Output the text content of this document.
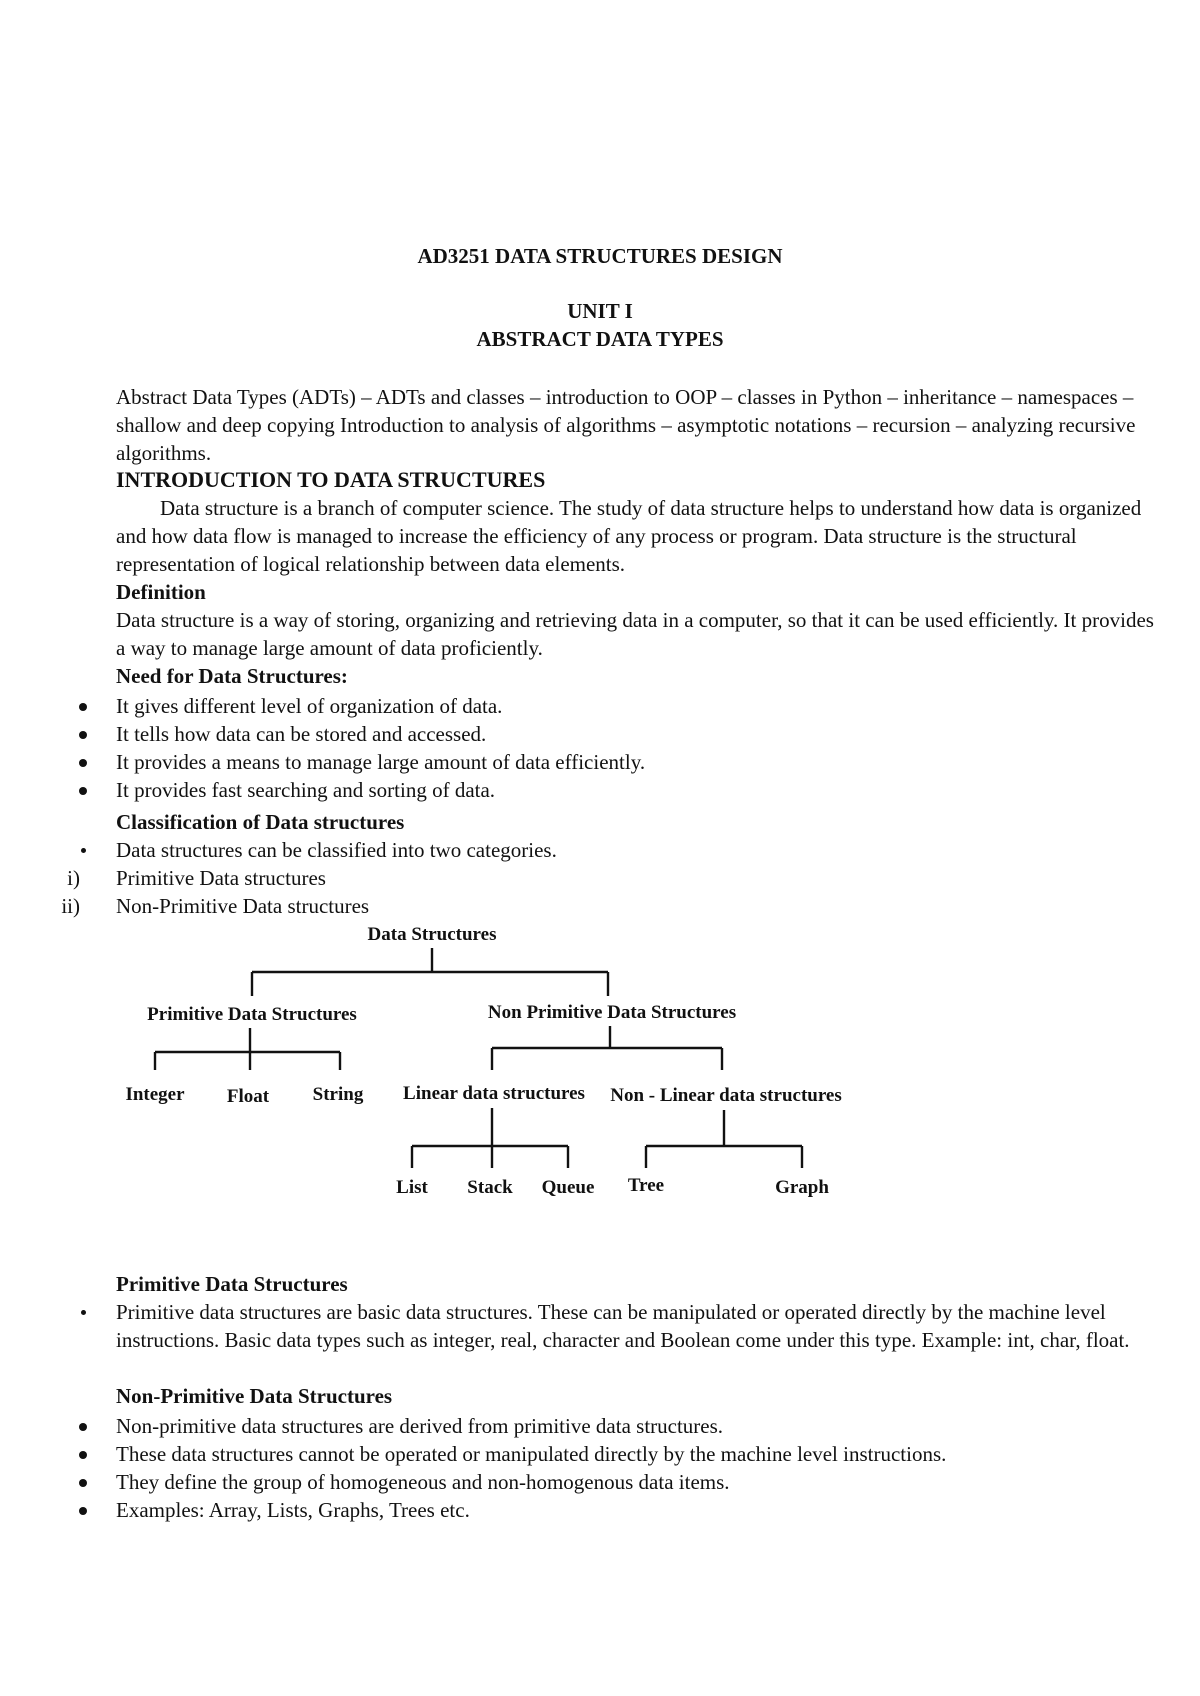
AD3251 DATA STRUCTURES DESIGN
UNIT I
ABSTRACT DATA TYPES

Abstract Data Types (ADTs) – ADTs and classes – introduction to OOP – classes in Python – inheritance – namespaces – shallow and deep copying Introduction to analysis of algorithms – asymptotic notations – recursion – analyzing recursive algorithms.

INTRODUCTION TO DATA STRUCTURES

Data structure is a branch of computer science. The study of data structure helps to understand how data is organized and how data flow is managed to increase the efficiency of any process or program. Data structure is the structural representation of logical relationship between data elements.

Definition

Data structure is a way of storing, organizing and retrieving data in a computer, so that it can be used efficiently. It provides a way to manage large amount of data proficiently.

Need for Data Structures:
It gives different level of organization of data.
It tells how data can be stored and accessed.
It provides a means to manage large amount of data efficiently.
It provides fast searching and sorting of data.
Classification of Data structures
Data structures can be classified into two categories.
i) Primitive Data structures
ii) Non-Primitive Data structures
Data Structures
Primitive Data Structures	Non Primitive Data Structures
Integer Float String Linear data structures Non - Linear data structures
List Stack Queue Tree	Graph
Primitive Data Structures
Primitive data structures are basic data structures. These can be manipulated or operated directly by the machine level instructions. Basic data types such as integer, real, character and Boolean come under this type. Example: int, char, float.
Non-Primitive Data Structures
Non-primitive data structures are derived from primitive data structures.
These data structures cannot be operated or manipulated directly by the machine level instructions.
They define the group of homogeneous and non-homogenous data items.
Examples: Array, Lists, Graphs, Trees etc.
